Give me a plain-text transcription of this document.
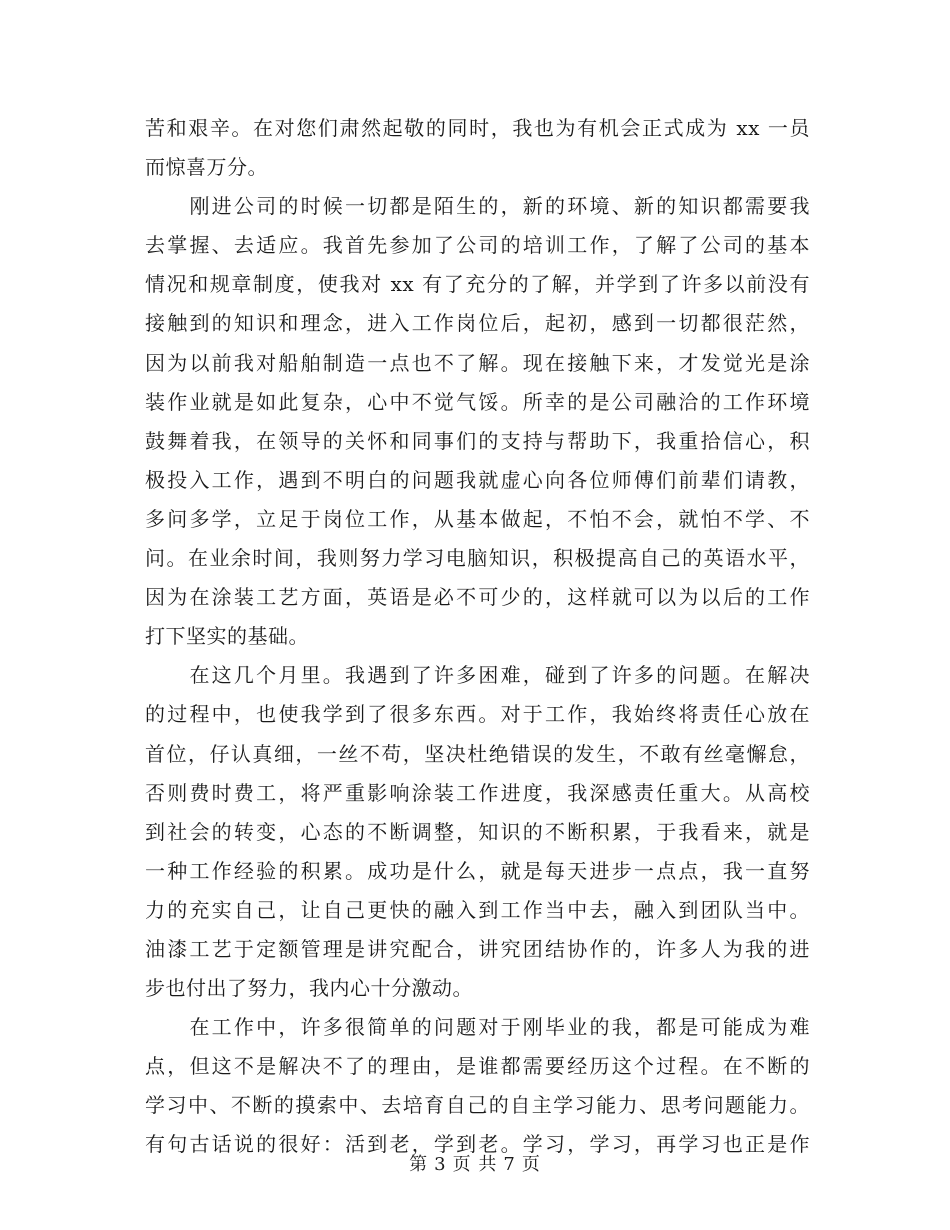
苦和艰辛。在对您们肃然起敬的同时，我也为有机会正式成为 xx 一员
而惊喜万分。
　　刚进公司的时候一切都是陌生的，新的环境、新的知识都需要我
去掌握、去适应。我首先参加了公司的培训工作，了解了公司的基本
情况和规章制度，使我对 xx 有了充分的了解，并学到了许多以前没有
接触到的知识和理念，进入工作岗位后，起初，感到一切都很茫然，
因为以前我对船舶制造一点也不了解。现在接触下来，才发觉光是涂
装作业就是如此复杂，心中不觉气馁。所幸的是公司融洽的工作环境
鼓舞着我，在领导的关怀和同事们的支持与帮助下，我重拾信心，积
极投入工作，遇到不明白的问题我就虚心向各位师傅们前辈们请教，
多问多学，立足于岗位工作，从基本做起，不怕不会，就怕不学、不
问。在业余时间，我则努力学习电脑知识，积极提高自己的英语水平，
因为在涂装工艺方面，英语是必不可少的，这样就可以为以后的工作
打下坚实的基础。
　　在这几个月里。我遇到了许多困难，碰到了许多的问题。在解决
的过程中，也使我学到了很多东西。对于工作，我始终将责任心放在
首位，仔认真细，一丝不苟，坚决杜绝错误的发生，不敢有丝毫懈怠，
否则费时费工，将严重影响涂装工作进度，我深感责任重大。从高校
到社会的转变，心态的不断调整，知识的不断积累，于我看来，就是
一种工作经验的积累。成功是什么，就是每天进步一点点，我一直努
力的充实自己，让自己更快的融入到工作当中去，融入到团队当中。
油漆工艺于定额管理是讲究配合，讲究团结协作的，许多人为我的进
步也付出了努力，我内心十分激动。
　　在工作中，许多很简单的问题对于刚毕业的我，都是可能成为难
点，但这不是解决不了的理由，是谁都需要经历这个过程。在不断的
学习中、不断的摸索中、去培育自己的自主学习能力、思考问题能力。
有句古话说的很好：活到老，学到老。学习，学习，再学习也正是作
第 3 页 共 7 页
